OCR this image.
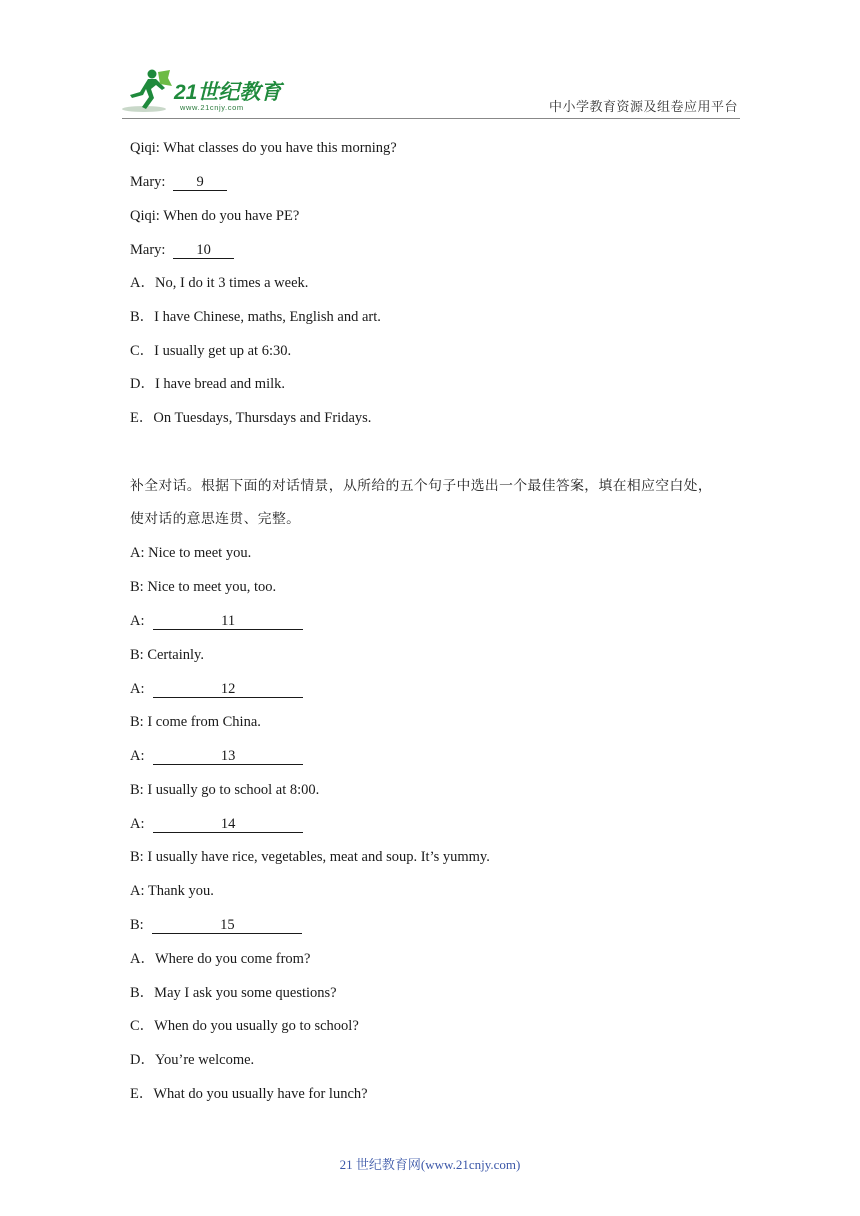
21世纪教育
www.21cnjy.com	中小学教育资源及组卷应用平台
Qiqi: What classes do you have this morning?
Mary: 9
Qiqi: When do you have PE?
Mary: 10
A．No, I do it 3 times a week.
B．I have Chinese, maths, English and art.
C．I usually get up at 6:30.
D．I have bread and milk.
E．On Tuesdays, Thursdays and Fridays.
补全对话。根据下面的对话情景，从所给的五个句子中选出一个最佳答案，填在相应空白处，
使对话的意思连贯、完整。
A: Nice to meet you.
B: Nice to meet you, too.
A:	11
B: Certainly.
A:	12
B: I come from China.
A:	13
B: I usually go to school at 8:00.
A:	14
B: I usually have rice, vegetables, meat and soup. It’s yummy.
A: Thank you.
B:	15
A．Where do you come from?
B．May I ask you some questions?
C．When do you usually go to school?
D．You’re welcome.
E．What do you usually have for lunch?
21 世纪教育网(www.21cnjy.com)
